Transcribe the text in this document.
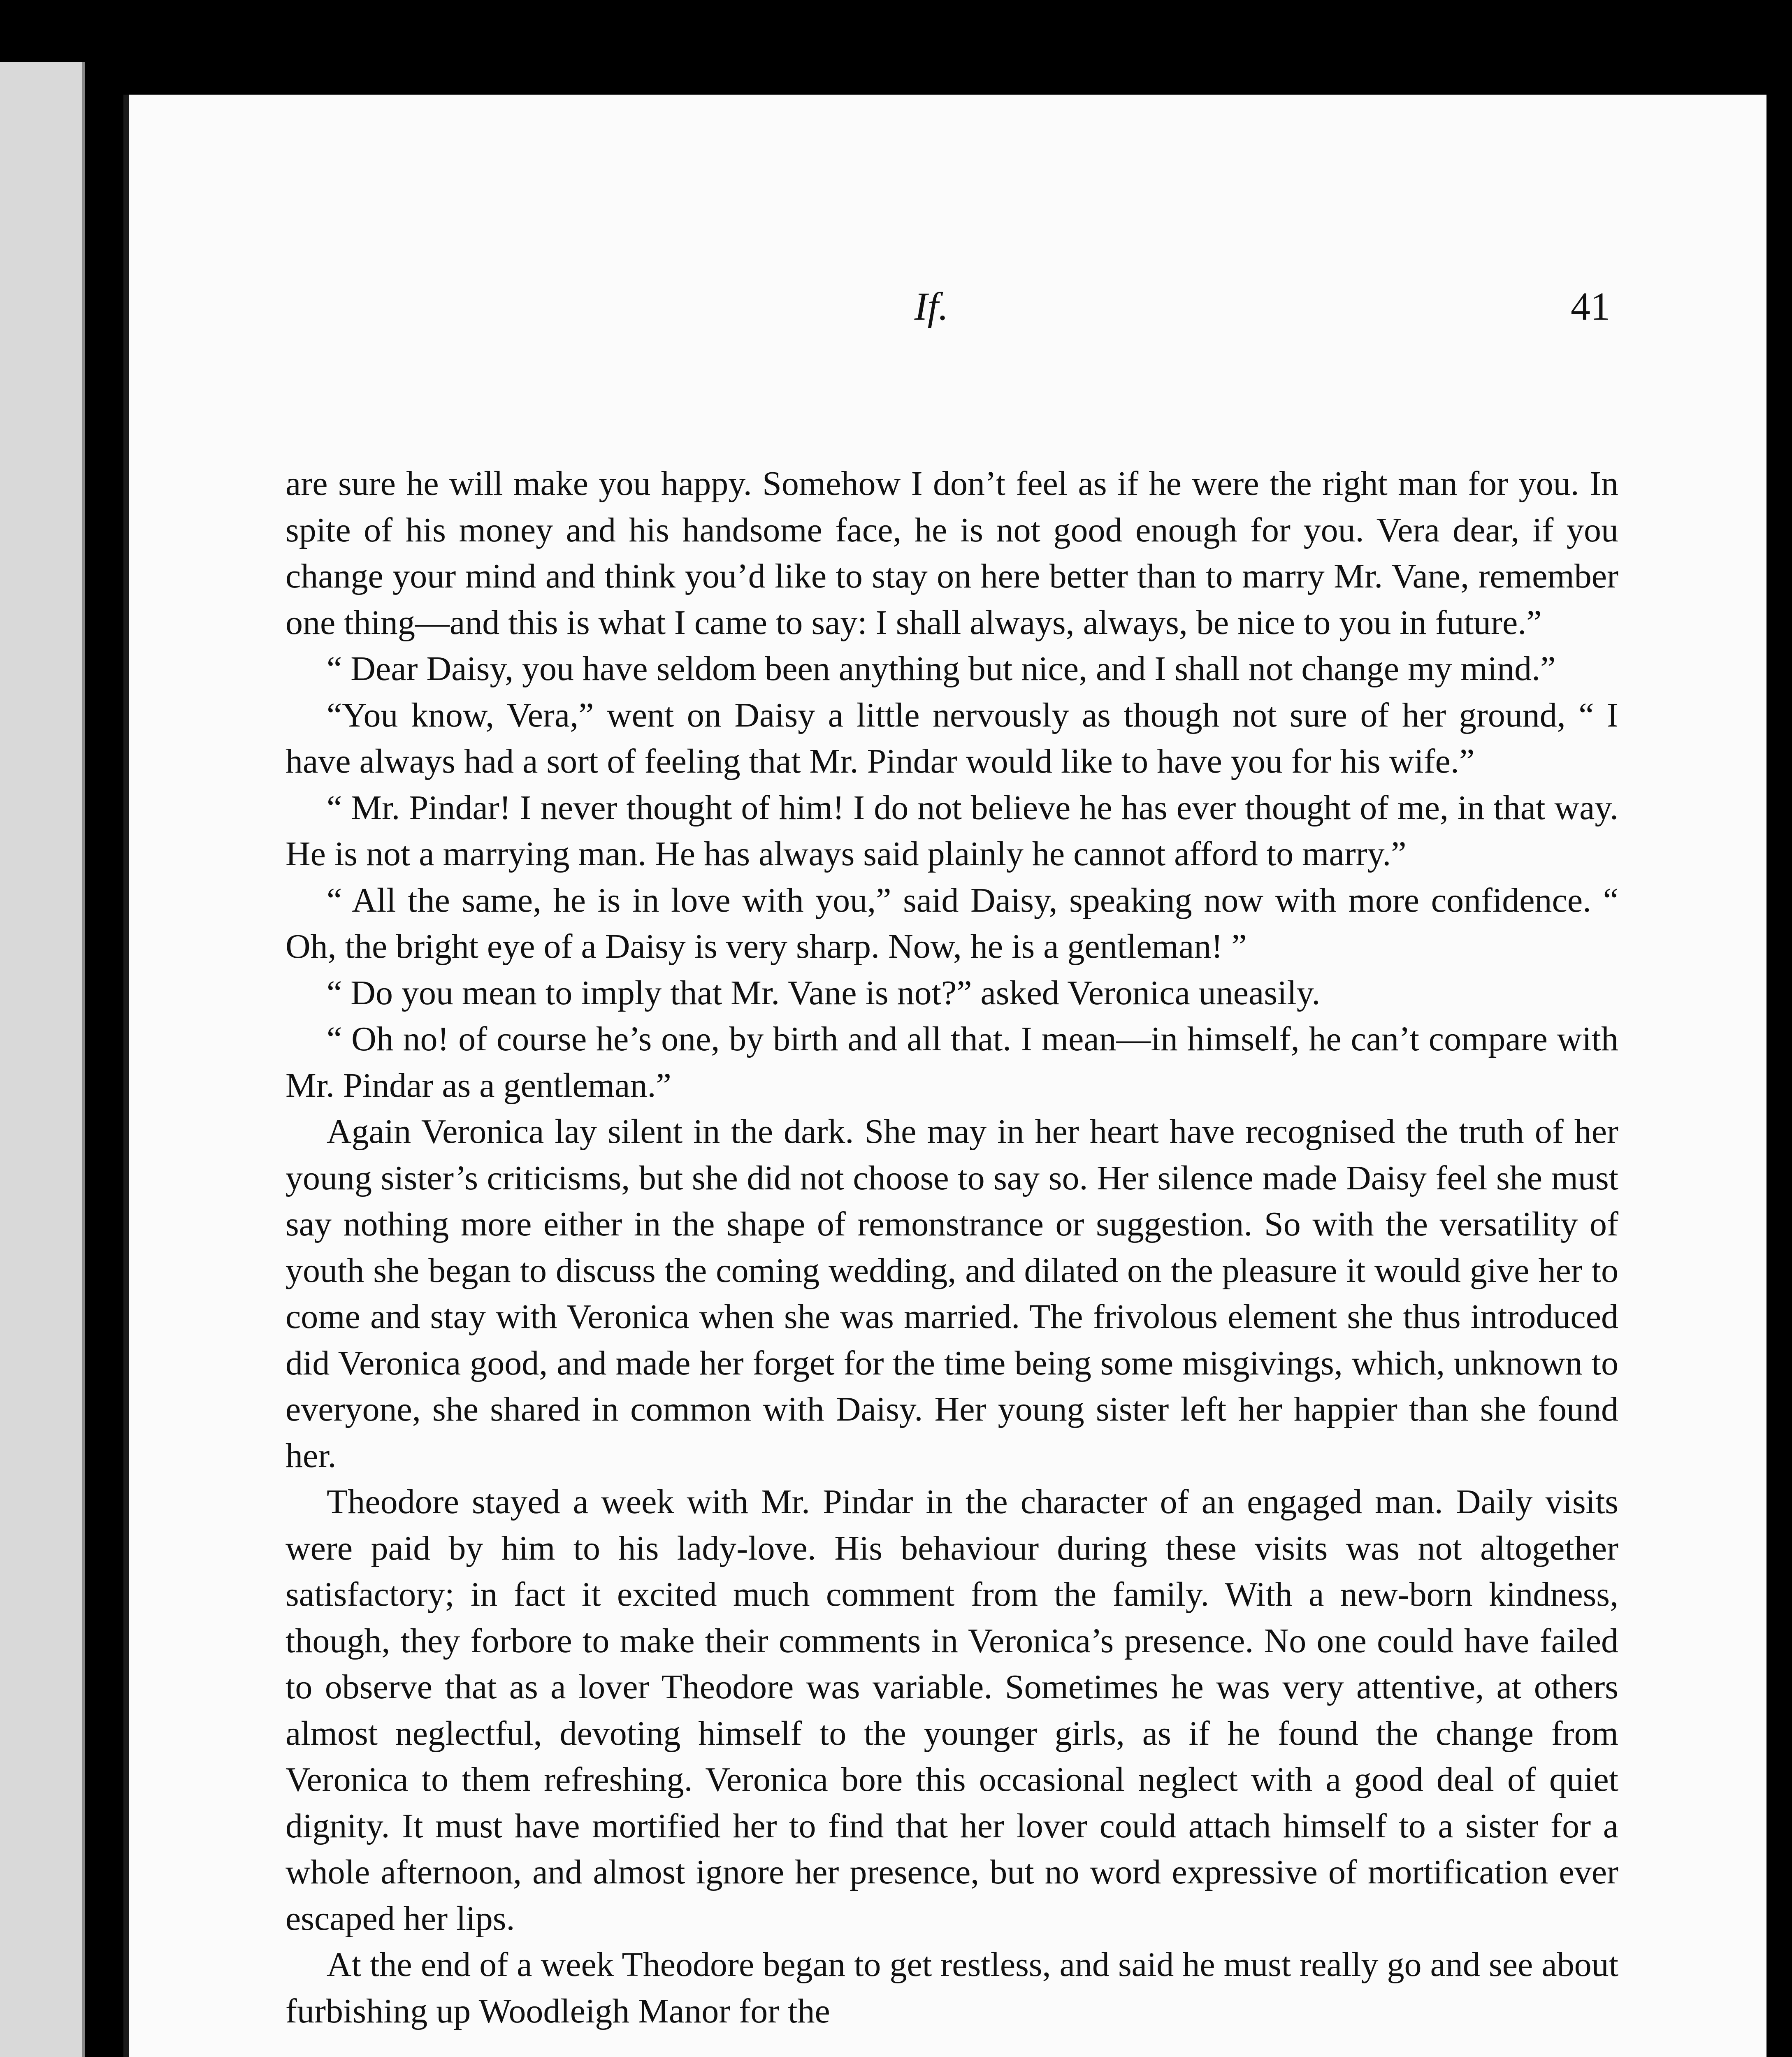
If.	41

are sure he will make you happy. Somehow I don’t feel as if he were the right man for you. In spite of his money and his handsome face, he is not good enough for you. Vera dear, if you change your mind and think you’d like to stay on here better than to marry Mr. Vane, remember one thing—and this is what I came to say: I shall always, always, be nice to you in future.”

“ Dear Daisy, you have seldom been anything but nice, and I shall not change my mind.”

“You know, Vera,” went on Daisy a little nervously as though not sure of her ground, “ I have always had a sort of feeling that Mr. Pindar would like to have you for his wife.”

“ Mr. Pindar! I never thought of him! I do not believe he has ever thought of me, in that way. He is not a marrying man. He has always said plainly he cannot afford to marry.”

“ All the same, he is in love with you,” said Daisy, speaking now with more confidence. “ Oh, the bright eye of a Daisy is very sharp. Now, he is a gentleman! ”

“ Do you mean to imply that Mr. Vane is not?” asked Veronica uneasily.

“ Oh no! of course he’s one, by birth and all that. I mean—in himself, he can’t compare with Mr. Pindar as a gentleman.”

Again Veronica lay silent in the dark. She may in her heart have recognised the truth of her young sister’s criticisms, but she did not choose to say so. Her silence made Daisy feel she must say nothing more either in the shape of remonstrance or suggestion. So with the versatility of youth she began to discuss the coming wedding, and dilated on the pleasure it would give her to come and stay with Veronica when she was married. The frivolous element she thus introduced did Veronica good, and made her forget for the time being some misgivings, which, unknown to everyone, she shared in common with Daisy. Her young sister left her happier than she found her.

Theodore stayed a week with Mr. Pindar in the character of an engaged man. Daily visits were paid by him to his lady-love. His behaviour during these visits was not altogether satisfactory; in fact it excited much comment from the family. With a new-born kindness, though, they forbore to make their comments in Veronica’s presence. No one could have failed to observe that as a lover Theodore was variable. Sometimes he was very attentive, at others almost neglectful, devoting himself to the younger girls, as if he found the change from Veronica to them refreshing. Veronica bore this occasional neglect with a good deal of quiet dignity. It must have mortified her to find that her lover could attach himself to a sister for a whole afternoon, and almost ignore her presence, but no word expressive of mortification ever escaped her lips.

At the end of a week Theodore began to get restless, and said he must really go and see about furbishing up Woodleigh Manor for the
